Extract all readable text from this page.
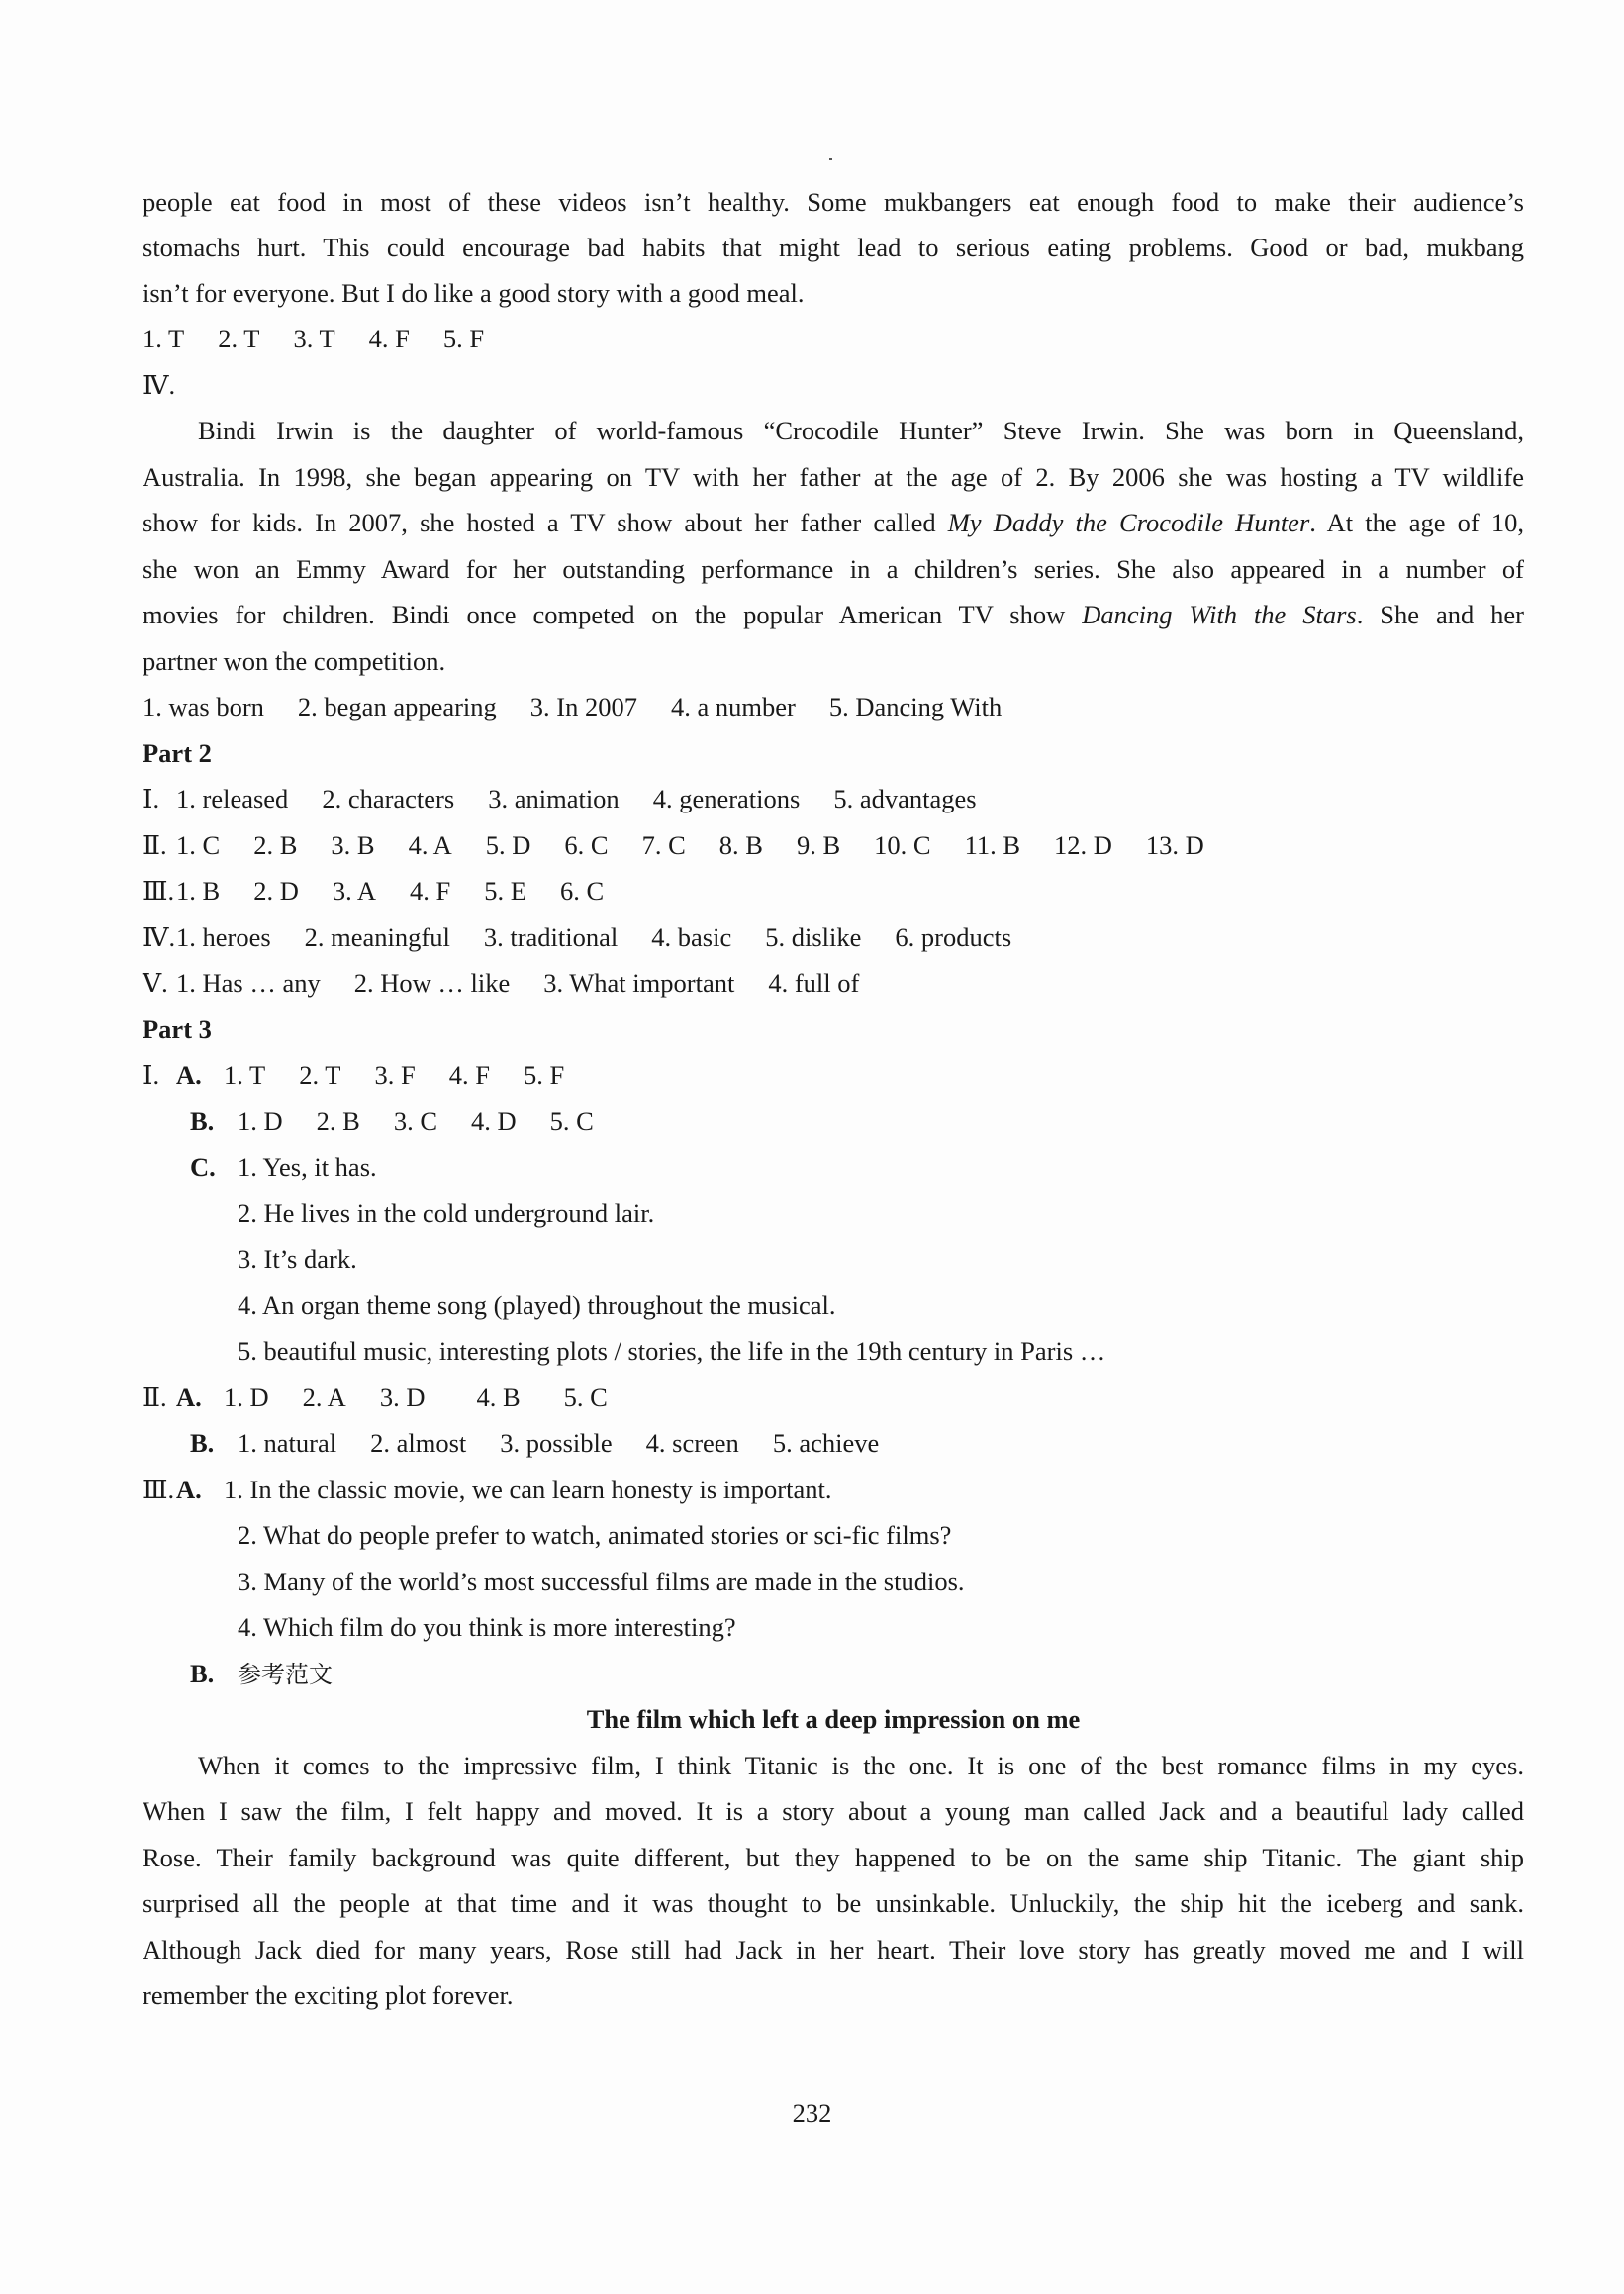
people eat food in most of these videos isn’t healthy. Some mukbangers eat enough food to make their audience’s
stomachs hurt. This could encourage bad habits that might lead to serious eating problems. Good or bad, mukbang
isn’t for everyone. But I do like a good story with a good meal.
1. T 2. T 3. T 4. F 5. F
Ⅳ.
Bindi Irwin is the daughter of world-famous “Crocodile Hunter” Steve Irwin. She was born in Queensland,
Australia. In 1998, she began appearing on TV with her father at the age of 2. By 2006 she was hosting a TV wildlife
show for kids. In 2007, she hosted a TV show about her father called My Daddy the Crocodile Hunter. At the age of 10,
she won an Emmy Award for her outstanding performance in a children’s series. She also appeared in a number of
movies for children. Bindi once competed on the popular American TV show Dancing With the Stars. She and her
partner won the competition.
1. was born 2. began appearing 3. In 2007 4. a number 5. Dancing With
Part 2
Ⅰ. 1. released 2. characters 3. animation 4. generations 5. advantages
Ⅱ. 1. C 2. B 3. B 4. A 5. D 6. C 7. C 8. B 9. B 10. C 11. B 12. D 13. D
Ⅲ.1. B 2. D 3. A 4. F 5. E 6. C
Ⅳ.1. heroes 2. meaningful 3. traditional 4. basic 5. dislike 6. products
Ⅴ. 1. Has … any 2. How … like 3. What important 4. full of
Part 3
Ⅰ. A. 1. T 2. T 3. F 4. F 5. F
B. 1. D 2. B 3. C 4. D 5. C
C. 1. Yes, it has.
2. He lives in the cold underground lair.
3. It’s dark.
4. An organ theme song (played) throughout the musical.
5. beautiful music, interesting plots / stories, the life in the 19th century in Paris …
Ⅱ. A. 1. D 2. A 3. D 4. B 5. C
B. 1. natural 2. almost 3. possible 4. screen 5. achieve
Ⅲ.A. 1. In the classic movie, we can learn honesty is important.
2. What do people prefer to watch, animated stories or sci-fic films?
3. Many of the world’s most successful films are made in the studios.
4. Which film do you think is more interesting?
B. 参考范文
The film which left a deep impression on me
When it comes to the impressive film, I think Titanic is the one. It is one of the best romance films in my eyes.
When I saw the film, I felt happy and moved. It is a story about a young man called Jack and a beautiful lady called
Rose. Their family background was quite different, but they happened to be on the same ship Titanic. The giant ship
surprised all the people at that time and it was thought to be unsinkable. Unluckily, the ship hit the iceberg and sank.
Although Jack died for many years, Rose still had Jack in her heart. Their love story has greatly moved me and I will
remember the exciting plot forever.
232
